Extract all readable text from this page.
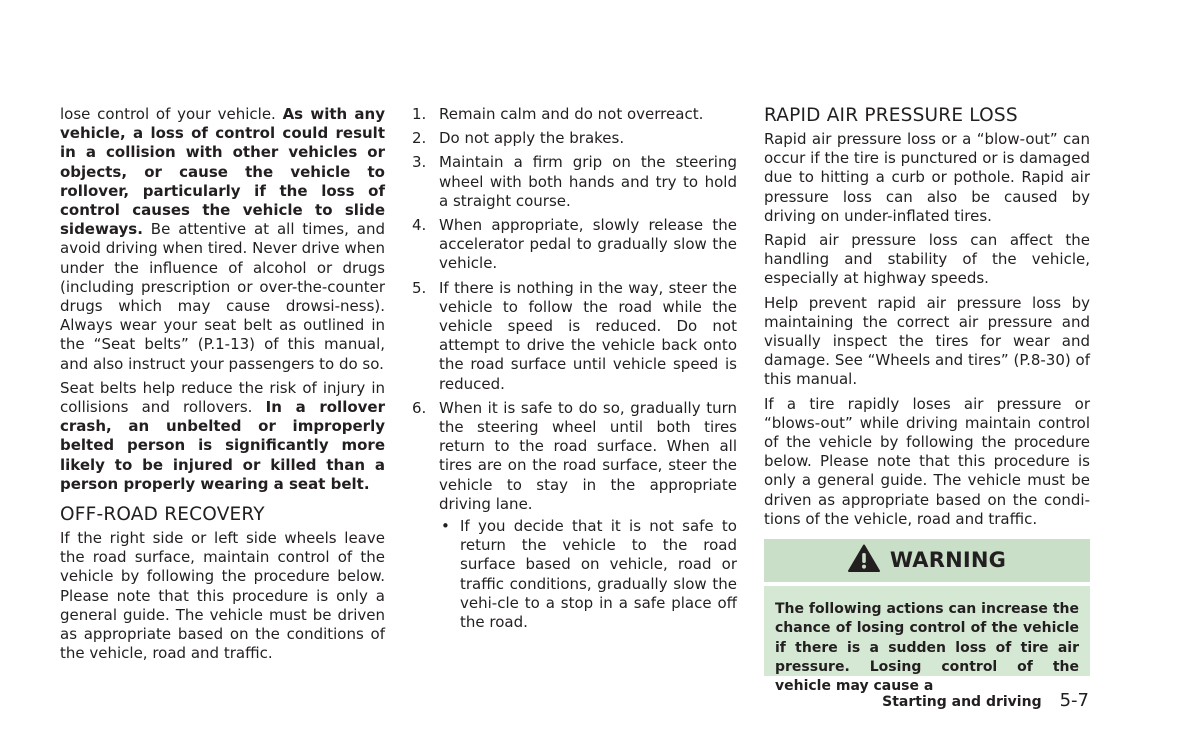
lose control of your vehicle. As with any vehicle, a loss of control could result in a collision with other vehicles or objects, or cause the vehicle to rollover, particularly if the loss of control causes the vehicle to slide sideways. Be attentive at all times, and avoid driving when tired. Never drive when under the influence of alcohol or drugs (including prescription or over-the-counter drugs which may cause drowsi-ness). Always wear your seat belt as outlined in the “Seat belts” (P.1-13) of this manual, and also instruct your passengers to do so.

Seat belts help reduce the risk of injury in collisions and rollovers. In a rollover crash, an unbelted or improperly belted person is significantly more likely to be injured or killed than a person properly wearing a seat belt.

OFF-ROAD RECOVERY

If the right side or left side wheels leave the road surface, maintain control of the vehicle by following the procedure below. Please note that this procedure is only a general guide. The vehicle must be driven as appropriate based on the conditions of the vehicle, road and traffic.

1. Remain calm and do not overreact.
2. Do not apply the brakes.
3. Maintain a firm grip on the steering wheel with both hands and try to hold a straight course.
4. When appropriate, slowly release the accelerator pedal to gradually slow the vehicle.
5. If there is nothing in the way, steer the vehicle to follow the road while the vehicle speed is reduced. Do not attempt to drive the vehicle back onto the road surface until vehicle speed is reduced.
6. When it is safe to do so, gradually turn the steering wheel until both tires return to the road surface. When all tires are on the road surface, steer the vehicle to stay in the appropriate driving lane.
• If you decide that it is not safe to return the vehicle to the road surface based on vehicle, road or traffic conditions, gradually slow the vehi-cle to a stop in a safe place off the road.
RAPID AIR PRESSURE LOSS

Rapid air pressure loss or a “blow-out” can occur if the tire is punctured or is damaged due to hitting a curb or pothole. Rapid air pressure loss can also be caused by driving on under-inflated tires.

Rapid air pressure loss can affect the handling and stability of the vehicle, especially at highway speeds.

Help prevent rapid air pressure loss by maintaining the correct air pressure and visually inspect the tires for wear and damage. See “Wheels and tires” (P.8-30) of this manual.

If a tire rapidly loses air pressure or “blows-out” while driving maintain control of the vehicle by following the procedure below. Please note that this procedure is only a general guide. The vehicle must be driven as appropriate based on the condi-tions of the vehicle, road and traffic.

WARNING
The following actions can increase the chance of losing control of the vehicle if there is a sudden loss of tire air pressure. Losing control of the vehicle may cause a
Starting and driving 5-7
